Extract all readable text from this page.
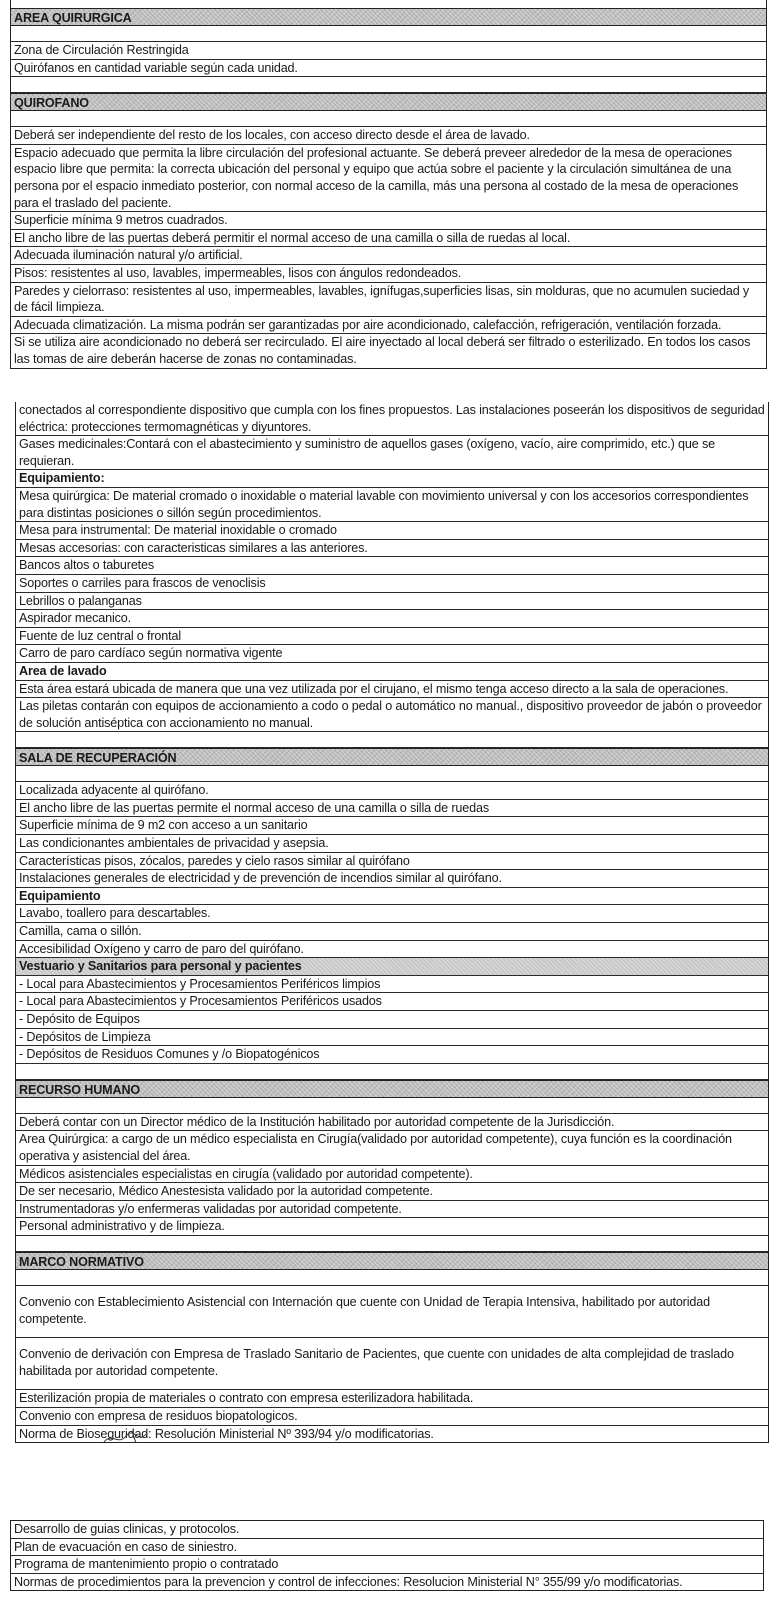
AREA QUIRURGICA
Zona de Circulación Restringida
Quirófanos en cantidad variable según cada unidad.
QUIROFANO
Deberá ser independiente del resto de los locales, con acceso directo desde el área de lavado.
Espacio adecuado que permita la libre circulación del profesional actuante. Se deberá preveer alrededor de la mesa de operaciones espacio libre que permita: la correcta ubicación del personal y equipo que actúa sobre el paciente y la circulación simultánea de una persona por el espacio inmediato posterior, con normal acceso de la camilla, más una persona al costado de la mesa de operaciones para el traslado del paciente.
Superficie mínima 9 metros cuadrados.
El ancho libre de las puertas deberá permitir el normal acceso de una camilla o silla de ruedas al local.
Adecuada iluminación natural y/o artificial.
Pisos: resistentes al uso, lavables, impermeables, lisos con ángulos redondeados.
Paredes y cielorraso: resistentes al uso, impermeables, lavables, ignífugas,superficies lisas, sin molduras, que no acumulen suciedad y de fácil limpieza.
Adecuada climatización. La misma podrán ser garantizadas por aire acondicionado, calefacción, refrigeración, ventilación forzada.
Si se utiliza aire acondicionado no deberá ser recirculado. El aire inyectado al local deberá ser filtrado o esterilizado. En todos los casos las tomas de aire deberán hacerse de zonas no contaminadas.
conectados al correspondiente dispositivo que cumpla con los fines propuestos. Las instalaciones poseerán los dispositivos de seguridad eléctrica: protecciones termomagnéticas y diyuntores.
Gases medicinales:Contará con el abastecimiento y suministro de aquellos gases (oxígeno, vacío, aire comprimido, etc.) que se requieran.
Equipamiento:
Mesa quirúrgica: De material cromado o inoxidable o material lavable con movimiento universal y con los accesorios correspondientes para distintas posiciones o sillón según procedimientos.
Mesa para instrumental: De material inoxidable o cromado
Mesas accesorias: con caracteristicas similares a las anteriores.
Bancos altos o taburetes
Soportes o carriles para frascos de venoclisis
Lebrillos o palanganas
Aspirador mecanico.
Fuente de luz central o frontal
Carro de paro cardíaco según normativa vigente
Area de lavado
Esta área estará ubicada de manera que una vez utilizada por el cirujano, el mismo tenga acceso directo a la sala de operaciones.
Las piletas contarán con equipos de accionamiento a codo o pedal o automático no manual., dispositivo proveedor de jabón o proveedor de solución antiséptica con accionamiento no manual.
SALA DE RECUPERACIÓN
Localizada adyacente al quirófano.
El ancho libre de las puertas permite el normal acceso de una camilla o silla de ruedas
Superficie mínima de 9 m2 con acceso a un sanitario
Las condicionantes ambientales de privacidad y asepsia.
Características pisos, zócalos, paredes y cielo rasos similar al quirófano
Instalaciones generales de electricidad y de prevención de incendios similar al quirófano.
Equipamiento
Lavabo, toallero para descartables.
Camilla, cama o sillón.
Accesibilidad Oxígeno y carro de paro del quirófano.
Vestuario y Sanitarios para personal y pacientes
- Local para Abastecimientos y Procesamientos Periféricos limpios
- Local para Abastecimientos y Procesamientos Periféricos usados
- Depósito de Equipos
- Depósitos de Limpieza
- Depósitos de Residuos Comunes y /o Biopatogénicos
RECURSO HUMANO
Deberá contar con un Director médico de la Institución habilitado por autoridad competente de la Jurisdicción.
Area Quirúrgica: a cargo de un médico especialista en Cirugía(validado por autoridad competente), cuya función es la coordinación operativa y asistencial del área.
Médicos asistenciales especialistas en cirugía (validado por autoridad competente).
De ser necesario, Médico Anestesista validado por la autoridad competente.
Instrumentadoras y/o enfermeras validadas por autoridad competente.
Personal administrativo y de limpieza.
MARCO NORMATIVO
Convenio con Establecimiento Asistencial con Internación que cuente con Unidad de Terapia Intensiva, habilitado por autoridad competente.
Convenio de derivación con Empresa de Traslado Sanitario de Pacientes, que cuente con unidades de alta complejidad de traslado habilitada por autoridad competente.
Esterilización propia de materiales o contrato con empresa esterilizadora habilitada.
Convenio con empresa de residuos biopatologicos.
Norma de Bioseguridad: Resolución Ministerial Nº 393/94 y/o modificatorias.
Desarrollo de guias clinicas, y protocolos.
Plan de evacuación en caso de siniestro.
Programa de mantenimiento propio o contratado
Normas de procedimientos para la prevencion y control de infecciones: Resolucion Ministerial N° 355/99 y/o modificatorias.
